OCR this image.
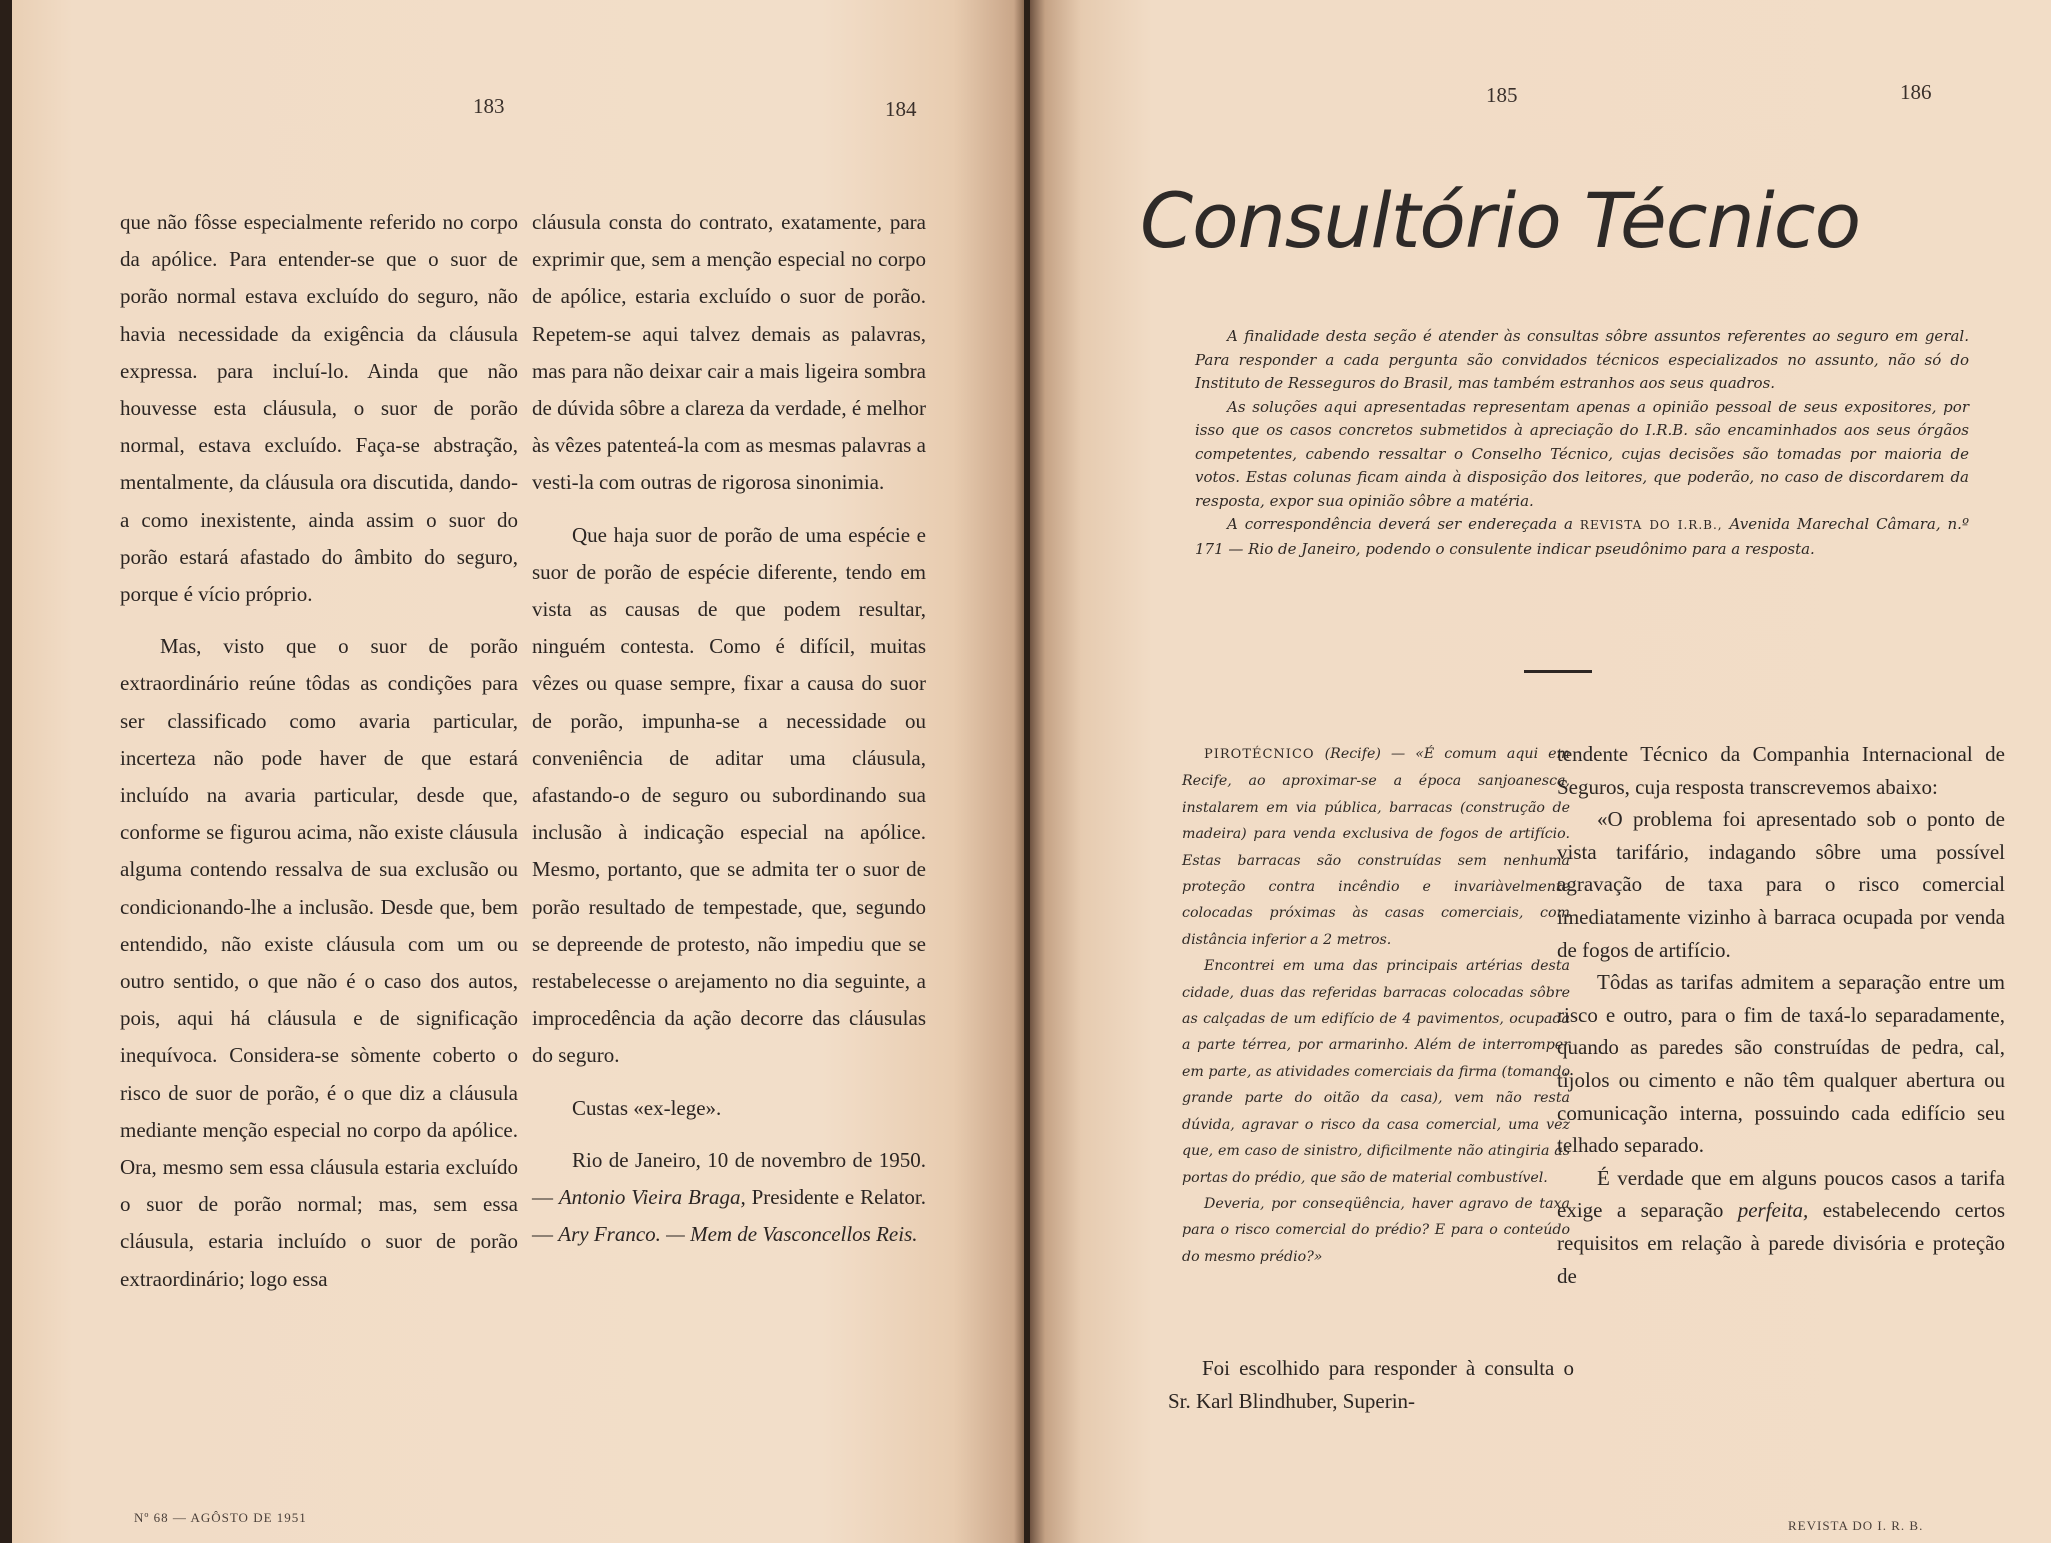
183	184

que não fôsse especialmente referido no corpo da apólice. Para entender-se que o suor de porão normal estava excluído do seguro, não havia necessidade da exigência da cláusula expressa. para incluí-lo. Ainda que não houvesse esta cláusula, o suor de porão normal, estava excluído. Faça-se abstração, mentalmente, da cláusula ora discutida, dando-a como inexistente, ainda assim o suor do porão estará afastado do âmbito do seguro, porque é vício próprio.

Mas, visto que o suor de porão extraordinário reúne tôdas as condições para ser classificado como avaria particular, incerteza não pode haver de que estará incluído na avaria particular, desde que, conforme se figurou acima, não existe cláusula alguma contendo ressalva de sua exclusão ou condicionando-lhe a inclusão. Desde que, bem entendido, não existe cláusula com um ou outro sentido, o que não é o caso dos autos, pois, aqui há cláusula e de significação inequívoca. Considera-se sòmente coberto o risco de suor de porão, é o que diz a cláusula mediante menção especial no corpo da apólice. Ora, mesmo sem essa cláusula estaria excluído o suor de porão normal; mas, sem essa cláusula, estaria incluído o suor de porão extraordinário; logo essa

cláusula consta do contrato, exatamente, para exprimir que, sem a menção especial no corpo de apólice, estaria excluído o suor de porão. Repetem-se aqui talvez demais as palavras, mas para não deixar cair a mais ligeira sombra de dúvida sôbre a clareza da verdade, é melhor às vêzes patenteá-la com as mesmas palavras a vesti-la com outras de rigorosa sinonimia.

Que haja suor de porão de uma espécie e suor de porão de espécie diferente, tendo em vista as causas de que podem resultar, ninguém contesta. Como é difícil, muitas vêzes ou quase sempre, fixar a causa do suor de porão, impunha-se a necessidade ou conveniência de aditar uma cláusula, afastando-o de seguro ou subordinando sua inclusão à indicação especial na apólice. Mesmo, portanto, que se admita ter o suor de porão resultado de tempestade, que, segundo se depreende de protesto, não impediu que se restabelecesse o arejamento no dia seguinte, a improcedência da ação decorre das cláusulas do seguro.

Custas «ex-lege».

Rio de Janeiro, 10 de novembro de 1950. — Antonio Vieira Braga, Presidente e Relator. — Ary Franco. — Mem de Vasconcellos Reis.

Nº 68 — AGÔSTO DE 1951
185	186
Consultório Técnico

A finalidade desta seção é atender às consultas sôbre assuntos referentes ao seguro em geral. Para responder a cada pergunta são convidados técnicos especializados no assunto, não só do Instituto de Resseguros do Brasil, mas também estranhos aos seus quadros.

As soluções aqui apresentadas representam apenas a opinião pessoal de seus expositores, por isso que os casos concretos submetidos à apreciação do I.R.B. são encaminhados aos seus órgãos competentes, cabendo ressaltar o Conselho Técnico, cujas decisões são tomadas por maioria de votos. Estas colunas ficam ainda à disposição dos leitores, que poderão, no caso de discordarem da resposta, expor sua opinião sôbre a matéria.

A correspondência deverá ser endereçada a REVISTA DO I.R.B., Avenida Marechal Câmara, n.º 171 — Rio de Janeiro, podendo o consulente indicar pseudônimo para a resposta.

PIROTÉCNICO (Recife) — «É comum aqui em Recife, ao aproximar-se a época sanjoanesca, instalarem em via pública, barracas (construção de madeira) para venda exclusiva de fogos de artifício. Estas barracas são construídas sem nenhuma proteção contra incêndio e invariàvelmente colocadas próximas às casas comerciais, com distância inferior a 2 metros.

Encontrei em uma das principais artérias desta cidade, duas das referidas barracas colocadas sôbre as calçadas de um edifício de 4 pavimentos, ocupada a parte térrea, por armarinho. Além de interromper em parte, as atividades comerciais da firma (tomando grande parte do oitão da casa), vem não resta dúvida, agravar o risco da casa comercial, uma vez que, em caso de sinistro, dificilmente não atingiria as portas do prédio, que são de material combustível.

Deveria, por conseqüência, haver agravo de taxa para o risco comercial do prédio? E para o conteúdo do mesmo prédio?»

Foi escolhido para responder à consulta o Sr. Karl Blindhuber, Superin-

tendente Técnico da Companhia Internacional de Seguros, cuja resposta transcrevemos abaixo:

«O problema foi apresentado sob o ponto de vista tarifário, indagando sôbre uma possível agravação de taxa para o risco comercial imediatamente vizinho à barraca ocupada por venda de fogos de artifício.

Tôdas as tarifas admitem a separação entre um risco e outro, para o fim de taxá-lo separadamente, quando as paredes são construídas de pedra, cal, tijolos ou cimento e não têm qualquer abertura ou comunicação interna, possuindo cada edifício seu telhado separado.

É verdade que em alguns poucos casos a tarifa exige a separação perfeita, estabelecendo certos requisitos em relação à parede divisória e proteção de

REVISTA DO I. R. B.
